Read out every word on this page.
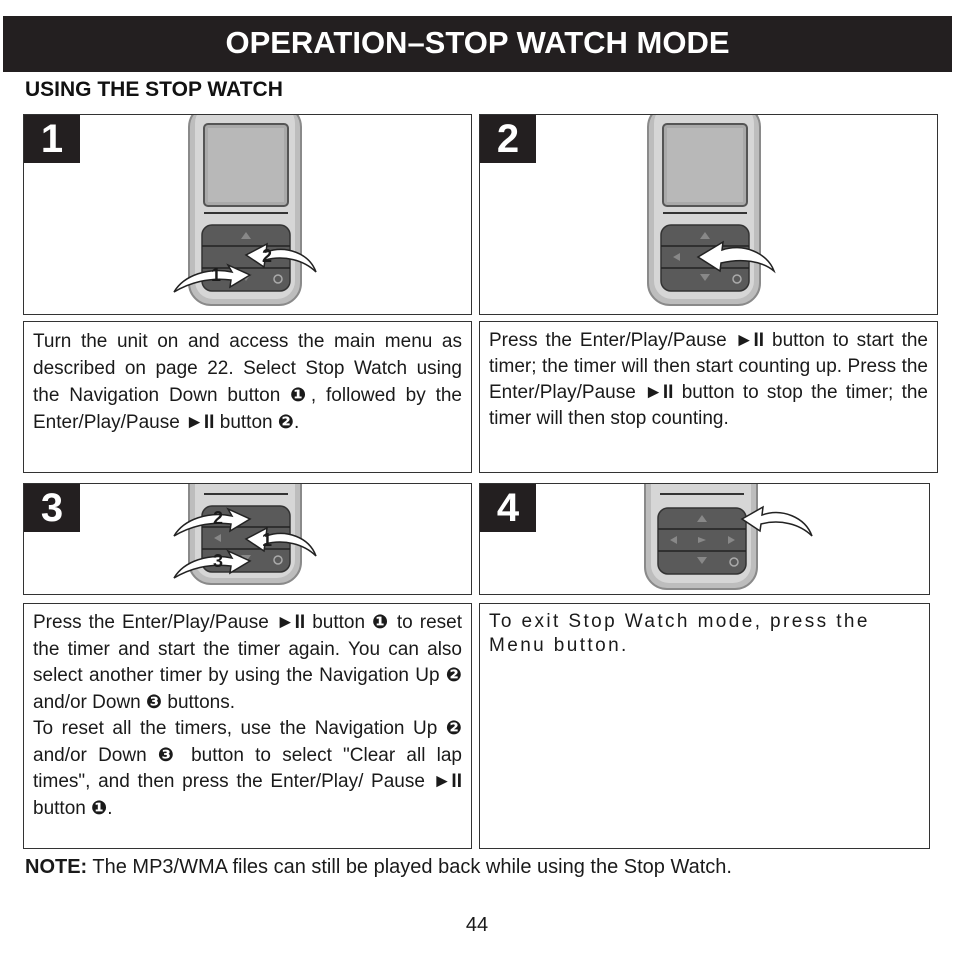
OPERATION–STOP WATCH MODE
USING THE STOP WATCH
1
1
2
2
Turn the unit on and access the main menu as described on page 22. Select Stop Watch using the Navigation Down button ❶, followed by the Enter/Play/Pause ►II button ❷.
Press the Enter/Play/Pause ►II button to start the timer; the timer will then start counting up. Press the Enter/Play/Pause ►II button to stop the timer; the timer will then stop counting.
3	2
1
3
4
Press the Enter/Play/Pause ►II button ❶ to reset the timer and start the timer again. You can also select another timer by using the Navigation Up ❷ and/or Down ❸ buttons.
To reset all the timers, use the Navigation Up ❷ and/or Down ❸ button to select "Clear all lap times", and then press the Enter/Play/ Pause ►II button ❶.
To exit Stop Watch mode, press the Menu button.
NOTE: The MP3/WMA files can still be played back while using the Stop Watch.
44
